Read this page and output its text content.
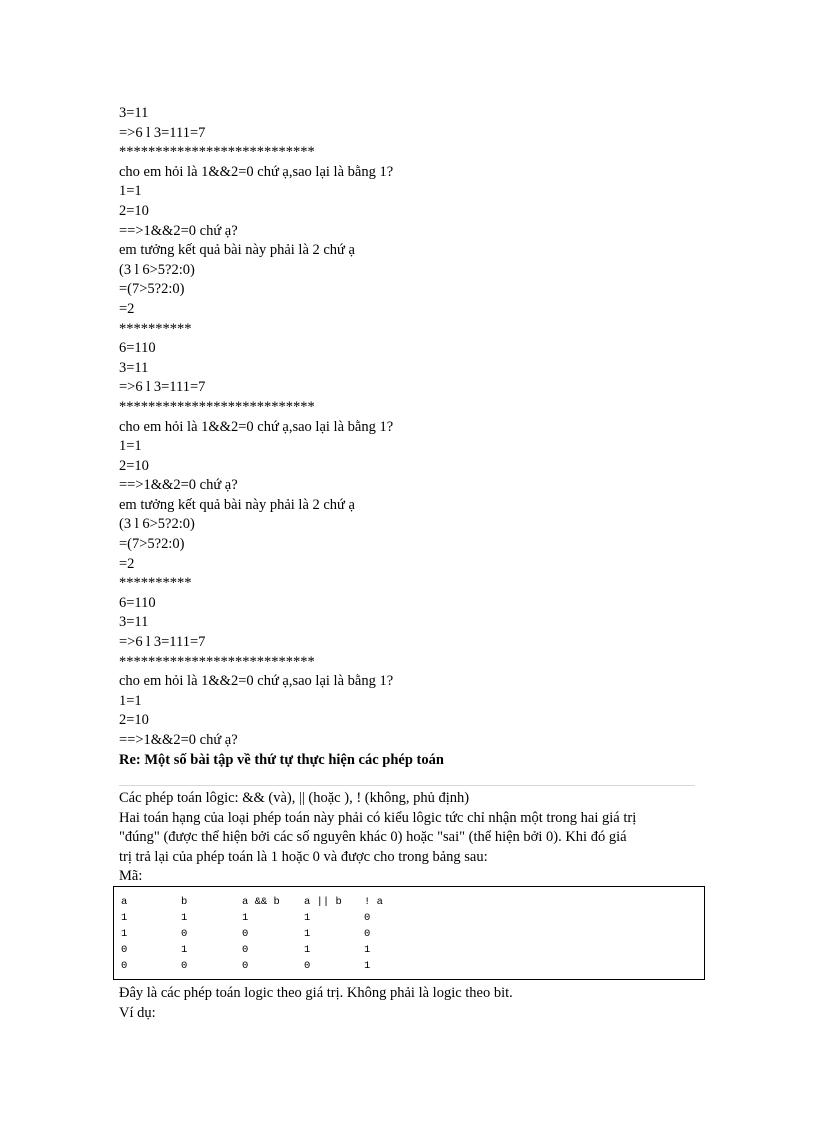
3=11
=>6 l 3=111=7
***************************
cho em hỏi là 1&&2=0 chứ ạ,sao lại là bằng 1?
1=1
2=10
==>1&&2=0 chứ ạ?
em tưởng kết quả bài này phải là 2 chứ ạ
(3 l 6>5?2:0)
=(7>5?2:0)
=2
**********
6=110
3=11
=>6 l 3=111=7
***************************
cho em hỏi là 1&&2=0 chứ ạ,sao lại là bằng 1?
1=1
2=10
==>1&&2=0 chứ ạ?
em tưởng kết quả bài này phải là 2 chứ ạ
(3 l 6>5?2:0)
=(7>5?2:0)
=2
**********
6=110
3=11
=>6 l 3=111=7
***************************
cho em hỏi là 1&&2=0 chứ ạ,sao lại là bằng 1?
1=1
2=10
==>1&&2=0 chứ ạ?
Re: Một số bài tập về thứ tự thực hiện các phép toán
Các phép toán lôgic: && (và), || (hoặc ), ! (không, phủ định)
Hai toán hạng của loại phép toán này phải có kiểu lôgic tức chỉ nhận một trong hai giá trị
"đúng" (được thể hiện bởi các số nguyên khác 0) hoặc "sai" (thể hiện bởi 0). Khi đó giá
trị trả lại của phép toán là 1 hoặc 0 và được cho trong bảng sau:
Mã:
a	b	a && b	a || b	! a
1	1	1	1	0
1	0	0	1	0
0	1	0	1	1
0	0	0	0	1
Đây là các phép toán logic theo giá trị. Không phải là logic theo bit.
Ví dụ:
